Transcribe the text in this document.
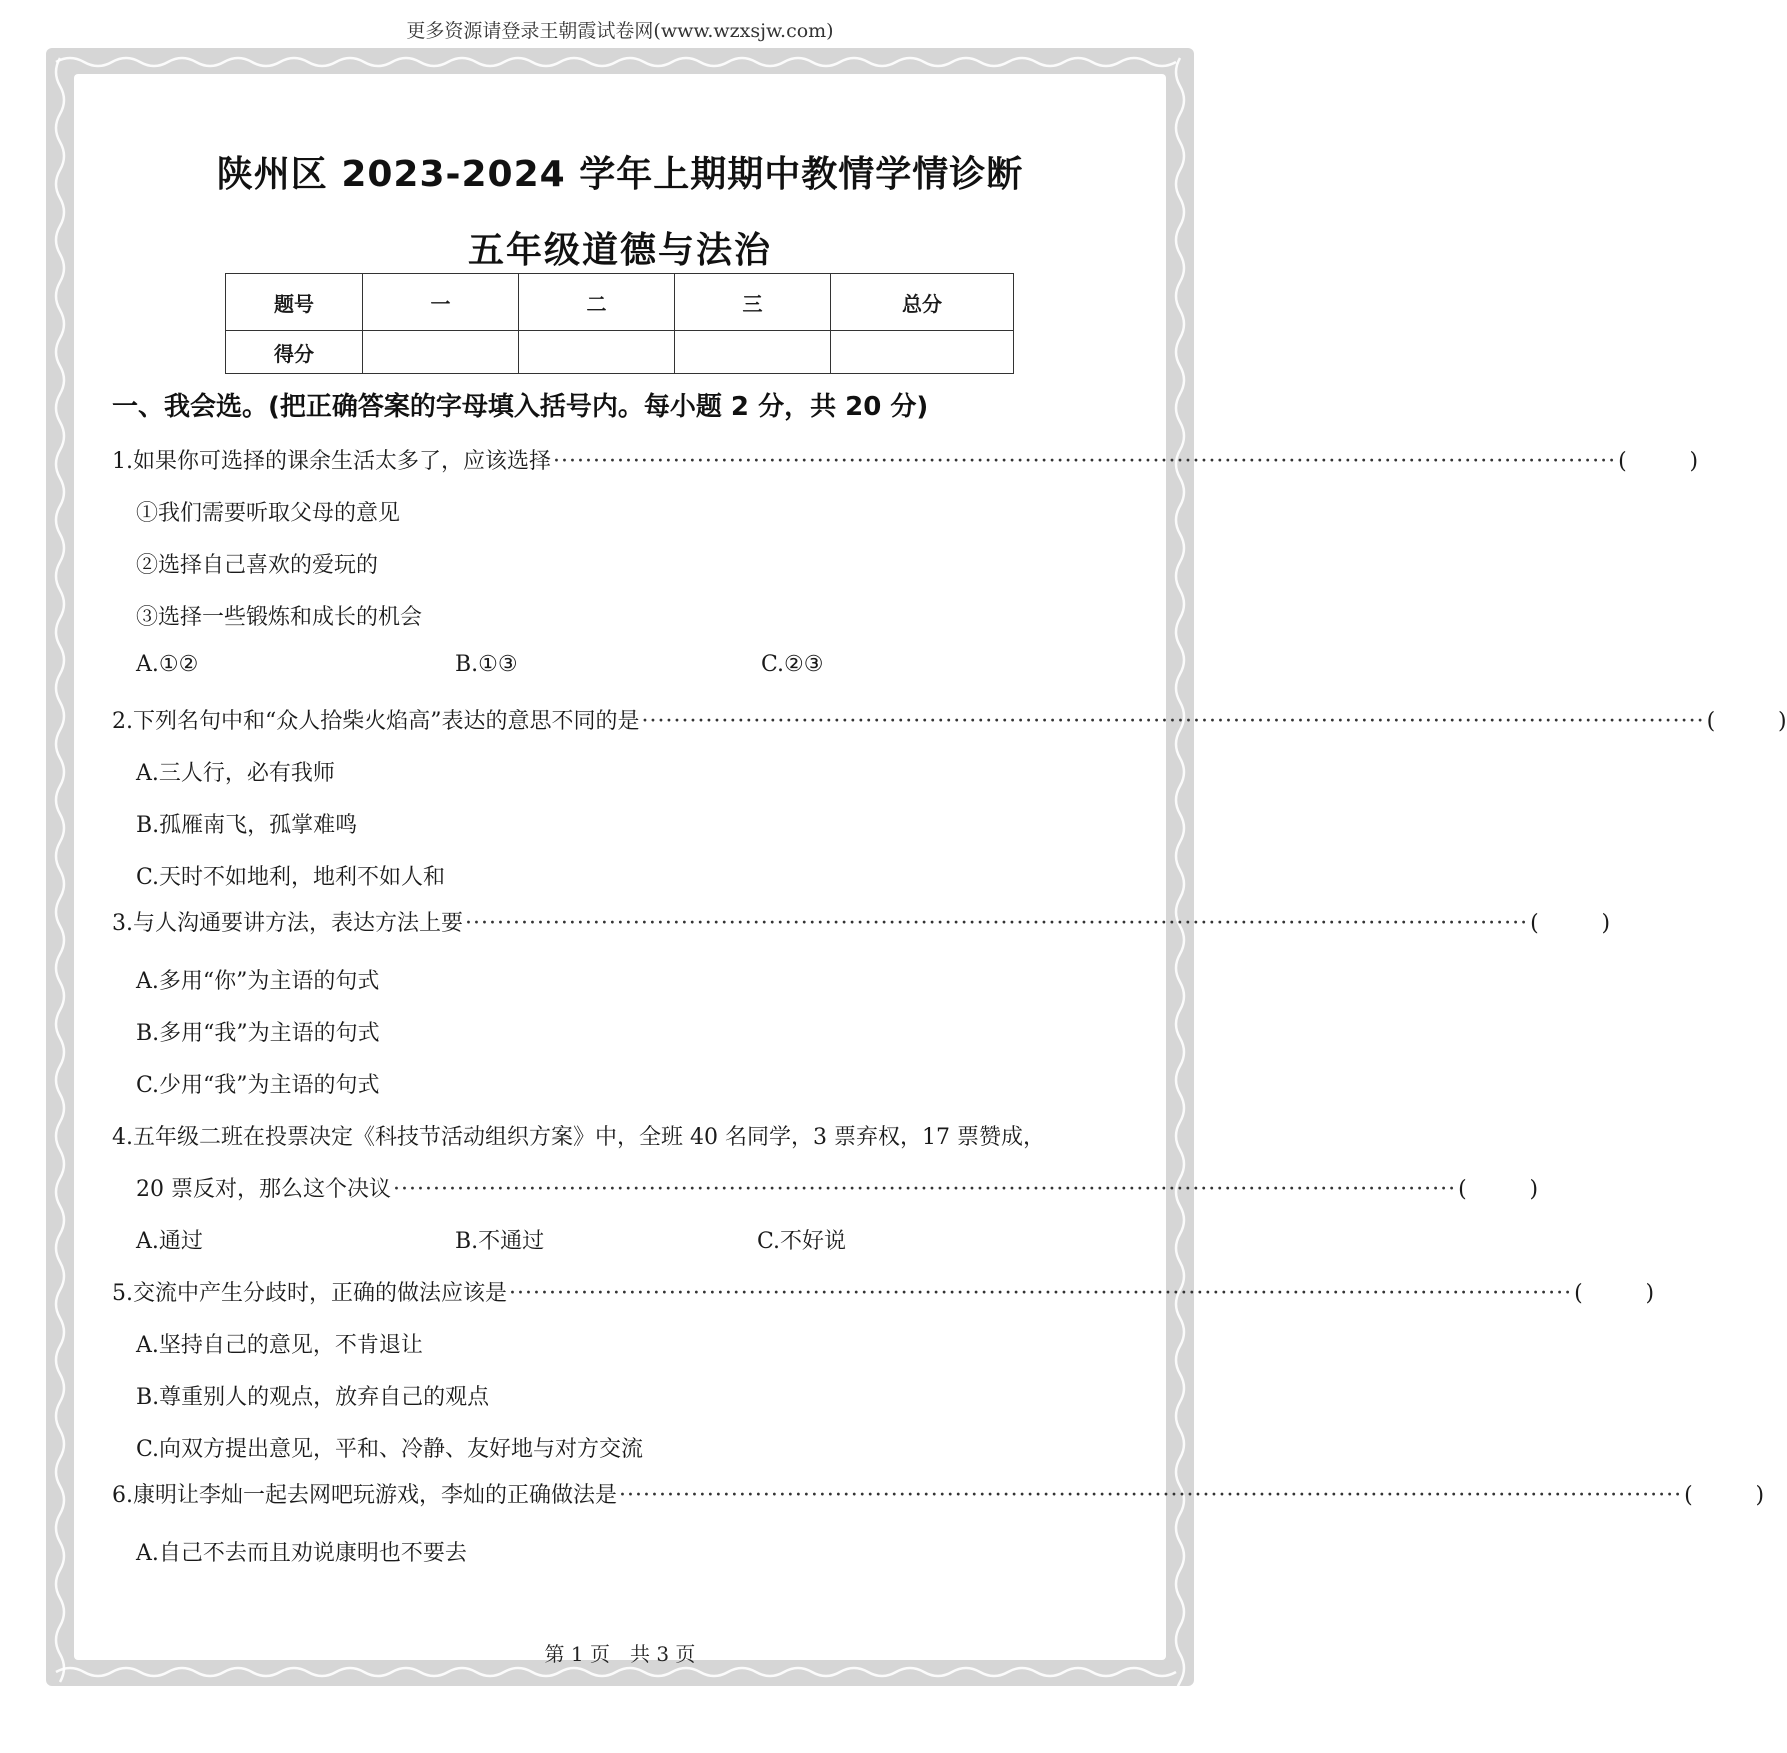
更多资源请登录王朝霞试卷网(www.wzxsjw.com)
陕州区 2023-2024 学年上期期中教情学情诊断
五年级道德与法治
题号	一	二	三	总分
得分				
一、我会选。(把正确答案的字母填入括号内。每小题 2 分，共 20 分)
1.如果你可选择的课余生活太多了，应该选择 ····································································································································· (	)
①我们需要听取父母的意见
②选择自己喜欢的爱玩的
③选择一些锻炼和成长的机会
A.①②	B.①③	C.②③
2.下列名句中和“众人拾柴火焰高”表达的意思不同的是 ····································································································································· (	)
A.三人行，必有我师
B.孤雁南飞，孤掌难鸣
C.天时不如地利，地利不如人和
3.与人沟通要讲方法，表达方法上要 ····································································································································· (	)
A.多用“你”为主语的句式
B.多用“我”为主语的句式
C.少用“我”为主语的句式
4.五年级二班在投票决定《科技节活动组织方案》中，全班 40 名同学，3 票弃权，17 票赞成，
20 票反对，那么这个决议 ····································································································································· (	)
A.通过	B.不通过	C.不好说
5.交流中产生分歧时，正确的做法应该是 ····································································································································· (	)
A.坚持自己的意见，不肯退让
B.尊重别人的观点，放弃自己的观点
C.向双方提出意见，平和、冷静、友好地与对方交流
6.康明让李灿一起去网吧玩游戏，李灿的正确做法是 ····································································································································· (	)
A.自己不去而且劝说康明也不要去
第 1 页　共 3 页
